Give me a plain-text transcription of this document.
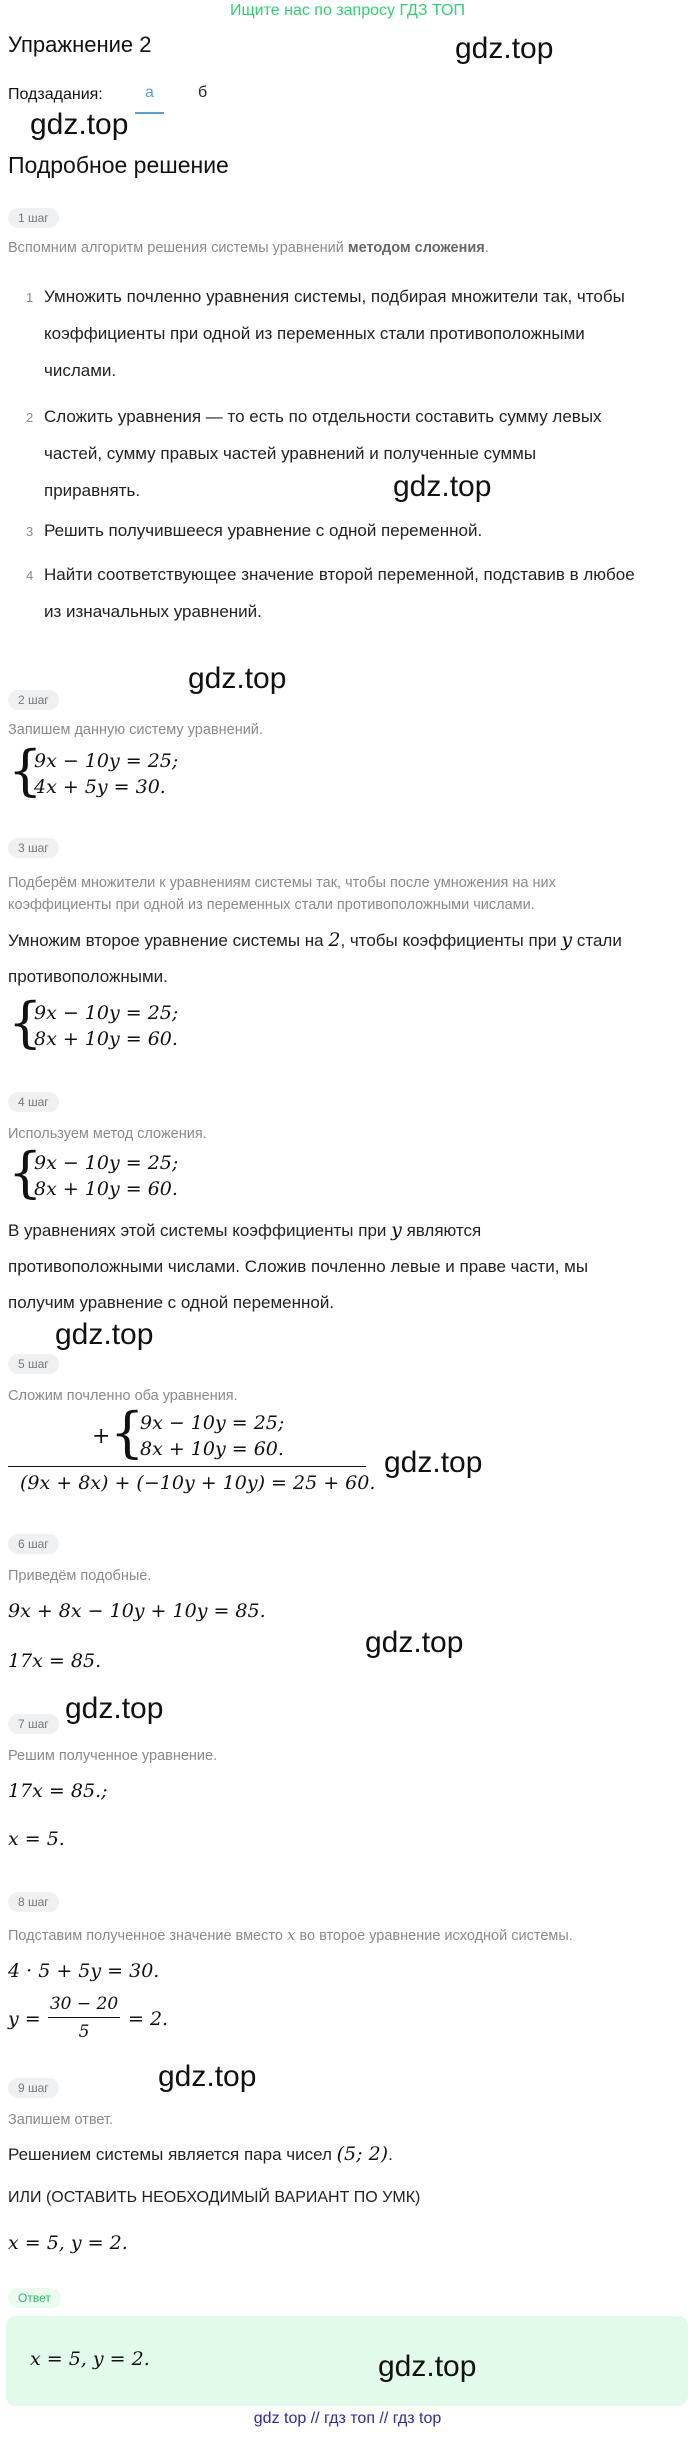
Ищите нас по запросу ГДЗ ТОП
Упражнение 2	gdz.top
Подзадания:	а	б
gdz.top
Подробное решение
1 шаг
Вспомним алгоритм решения системы уравнений методом сложения.
1 Умножить почленно уравнения системы, подбирая множители так, чтобы
коэффициенты при одной из переменных стали противоположными
числами.
2 Сложить уравнения — то есть по отдельности составить сумму левых
частей, сумму правых частей уравнений и полученные суммы
приравнять.	gdz.top
3 Решить получившееся уравнение с одной переменной.
4 Найти соответствующее значение второй переменной, подставив в любое
из изначальных уравнений.
gdz.top
2 шаг
Запишем данную систему уравнений.
{
9x − 10y = 25;
4x + 5y = 30.
3 шаг
Подберём множители к уравнениям системы так, чтобы после умножения на них
коэффициенты при одной из переменных стали противоположными числами.
Умножим второе уравнение системы на 2, чтобы коэффициенты при y стали
противоположными.
{
9x − 10y = 25;
8x + 10y = 60.
4 шаг
Используем метод сложения.
{
9x − 10y = 25;
8x + 10y = 60.
В уравнениях этой системы коэффициенты при y являются
противоположными числами. Сложив почленно левые и праве части, мы
получим уравнение с одной переменной.
gdz.top
5 шаг
Сложим почленно оба уравнения.
+ {
9x − 10y = 25;
8x + 10y = 60.
(9x + 8x) + (−10y + 10y) = 25 + 60.
gdz.top
6 шаг
Приведём подобные.
9x + 8x − 10y + 10y = 85.
gdz.top
17x = 85.
gdz.top
7 шаг
Решим полученное уравнение.
17x = 85.;
x = 5.
8 шаг
Подставим полученное значение вместо x во второе уравнение исходной системы.
4 · 5 + 5y = 30.
y =
30 − 20
5
= 2.
gdz.top
9 шаг
Запишем ответ.
Решением системы является пара чисел (5; 2).
ИЛИ (ОСТАВИТЬ НЕОБХОДИМЫЙ ВАРИАНТ ПО УМК)
x = 5, y = 2.
Ответ
x = 5, y = 2.	gdz.top
gdz top // гдз топ // гдз top
